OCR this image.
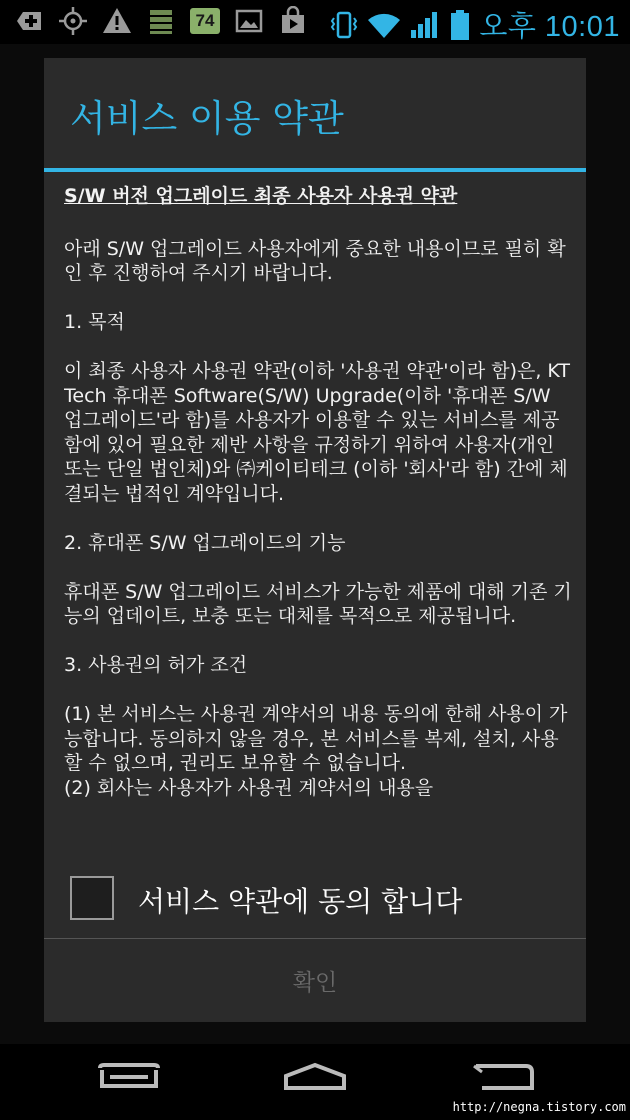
74	오후 10:01
서비스 이용 약관

S/W 버전 업그레이드 최종 사용자 사용권 약관

아래 S/W 업그레이드 사용자에게 중요한 내용이므로 필히 확인 후 진행하여 주시기 바랍니다.

1. 목적

이 최종 사용자 사용권 약관(이하 '사용권 약관'이라 함)은, KT Tech 휴대폰 Software(S/W) Upgrade(이하 '휴대폰 S/W 업그레이드'라 함)를 사용자가 이용할 수 있는 서비스를 제공함에 있어 필요한 제반 사항을 규정하기 위하여 사용자(개인 또는 단일 법인체)와 ㈜케이티테크 (이하 '회사'라 함) 간에 체결되는 법적인 계약입니다.

2. 휴대폰 S/W 업그레이드의 기능

휴대폰 S/W 업그레이드 서비스가 가능한 제품에 대해 기존 기능의 업데이트, 보충 또는 대체를 목적으로 제공됩니다.

3. 사용권의 허가 조건

(1) 본 서비스는 사용권 계약서의 내용 동의에 한해 사용이 가능합니다. 동의하지 않을 경우, 본 서비스를 복제, 설치, 사용할 수 없으며, 권리도 보유할 수 없습니다.

(2) 회사는 사용자가 사용권 계약서의 내용을

서비스 약관에 동의 합니다
확인
http://negna.tistory.com
